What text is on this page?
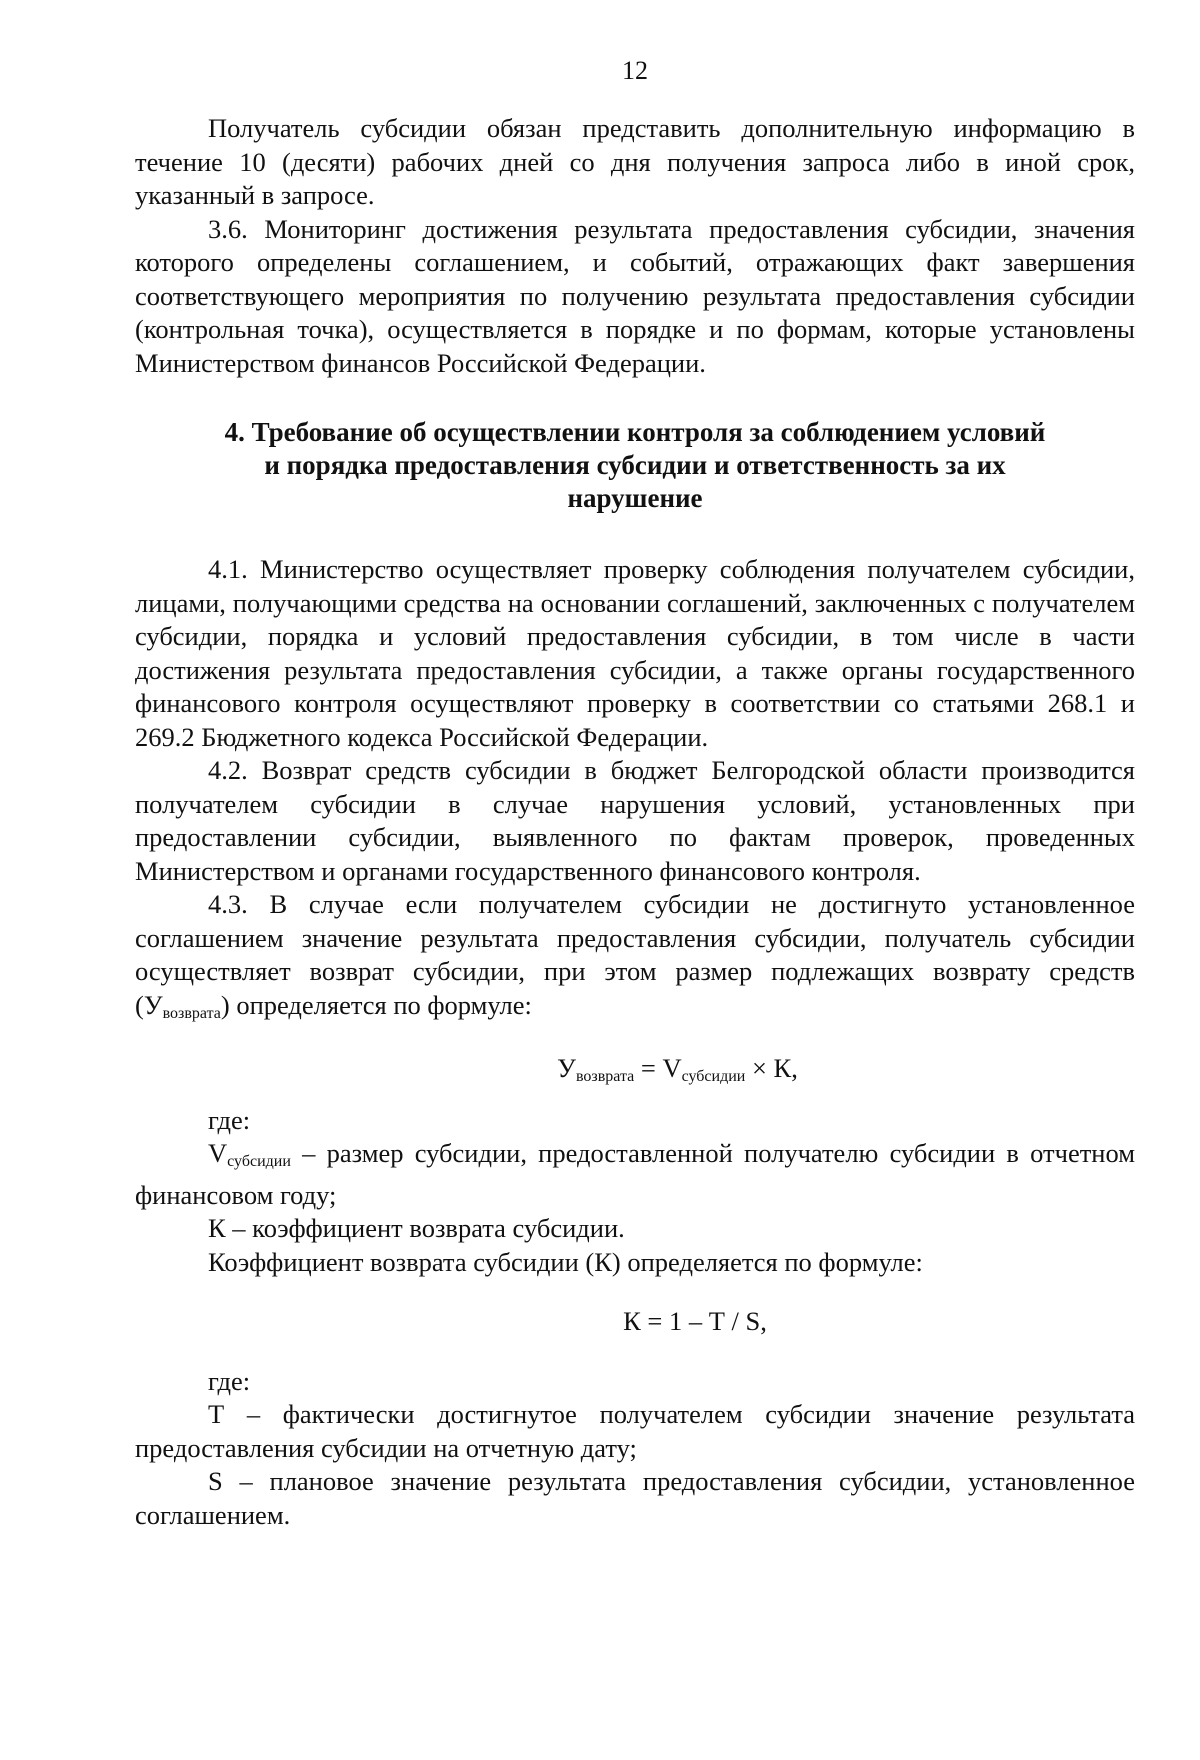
12

Получатель субсидии обязан представить дополнительную информацию в течение 10 (десяти) рабочих дней со дня получения запроса либо в иной срок, указанный в запросе.

3.6. Мониторинг достижения результата предоставления субсидии, значения которого определены соглашением, и событий, отражающих факт завершения соответствующего мероприятия по получению результата предоставления субсидии (контрольная точка), осуществляется в порядке и по формам, которые установлены Министерством финансов Российской Федерации.

4. Требование об осуществлении контроля за соблюдением условий
и порядка предоставления субсидии и ответственность за их
нарушение

4.1. Министерство осуществляет проверку соблюдения получателем субсидии, лицами, получающими средства на основании соглашений, заключенных с получателем субсидии, порядка и условий предоставления субсидии, в том числе в части достижения результата предоставления субсидии, а также органы государственного финансового контроля осуществляют проверку в соответствии со статьями 268.1 и 269.2 Бюджетного кодекса Российской Федерации.

4.2. Возврат средств субсидии в бюджет Белгородской области производится получателем субсидии в случае нарушения условий, установленных при предоставлении субсидии, выявленного по фактам проверок, проведенных Министерством и органами государственного финансового контроля.

4.3. В случае если получателем субсидии не достигнуто установленное соглашением значение результата предоставления субсидии, получатель субсидии осуществляет возврат субсидии, при этом размер подлежащих возврату средств $(У_{возврата})$ определяется по формуле:

$У_{возврата} = V_{субсидии} \times К$,

где:

$V_{субсидии}$ – размер субсидии, предоставленной получателю субсидии в отчетном финансовом году;

К – коэффициент возврата субсидии.

Коэффициент возврата субсидии (К) определяется по формуле:

К = 1 – Т / S,

где:

Т – фактически достигнутое получателем субсидии значение результата предоставления субсидии на отчетную дату;

S – плановое значение результата предоставления субсидии, установленное соглашением.
